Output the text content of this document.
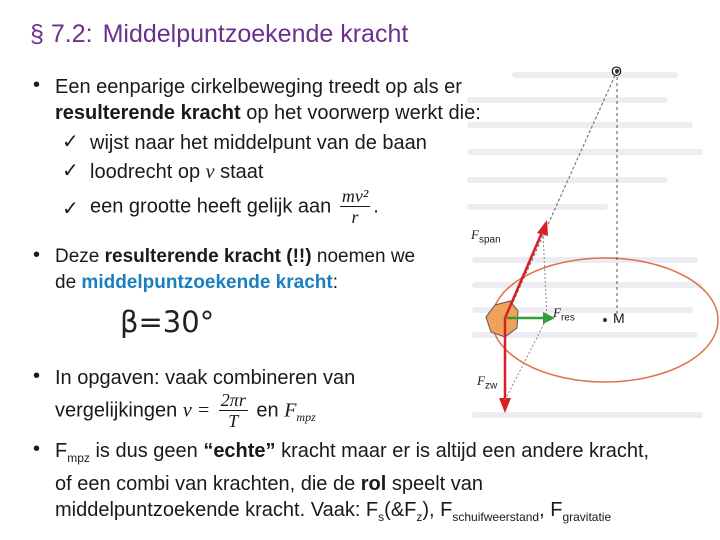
§ 7.2: Middelpuntzoekende kracht
O
M
$F_{span}$
$F_{res}$
$F_{zw}$
• Een eenparige cirkelbeweging treedt op als er
resulterende kracht op het voorwerp werkt die:
✓ wijst naar het middelpunt van de baan
✓ loodrecht op v staat
✓ een grootte heeft gelijk aan $\frac{\text{mv²}}{r}$ .
• Deze resulterende kracht (!!) noemen we
de middelpuntzoekende kracht:
β=30°
• In opgaven: vaak combineren van
vergelijkingen $v = \frac{2\pi r}{T}$ en $F_{mpz}$
• $F_{mpz}$ is dus geen “echte” kracht maar er is altijd een andere kracht,
of een combi van krachten, die de rol speelt van
middelpuntzoekende kracht. Vaak: $F_s(\&F_z)$, $F_{schuifweerstand}$, $F_{gravitatie}$
